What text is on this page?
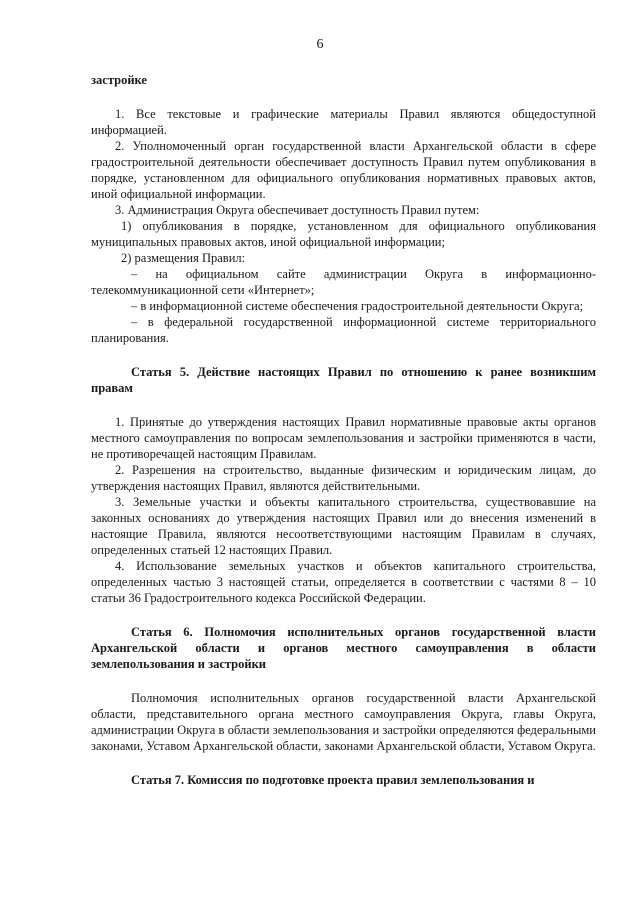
6

застройке

1. Все текстовые и графические материалы Правил являются общедоступной информацией.

2. Уполномоченный орган государственной власти Архангельской области в сфере градостроительной деятельности обеспечивает доступность Правил путем опубликования в порядке, установленном для официального опубликования нормативных правовых актов, иной официальной информации.

3. Администрация Округа обеспечивает доступность Правил путем:

1) опубликования в порядке, установленном для официального опубликования муниципальных правовых актов, иной официальной информации;

2) размещения Правил:

– на официальном сайте администрации Округа в информационно-телекоммуникационной сети «Интернет»;

– в информационной системе обеспечения градостроительной деятельности Округа;

– в федеральной государственной информационной системе территориального планирования.

Статья 5. Действие настоящих Правил по отношению к ранее возникшим правам

1. Принятые до утверждения настоящих Правил нормативные правовые акты органов местного самоуправления по вопросам землепользования и застройки применяются в части, не противоречащей настоящим Правилам.

2. Разрешения на строительство, выданные физическим и юридическим лицам, до утверждения настоящих Правил, являются действительными.

3. Земельные участки и объекты капитального строительства, существовавшие на законных основаниях до утверждения настоящих Правил или до внесения изменений в настоящие Правила, являются несоответствующими настоящим Правилам в случаях, определенных статьей 12 настоящих Правил.

4. Использование земельных участков и объектов капитального строительства, определенных частью 3 настоящей статьи, определяется в соответствии с частями 8 – 10 статьи 36 Градостроительного кодекса Российской Федерации.

Статья 6. Полномочия исполнительных органов государственной власти Архангельской области и органов местного самоуправления в области землепользования и застройки

Полномочия исполнительных органов государственной власти Архангельской области, представительного органа местного самоуправления Округа, главы Округа, администрации Округа в области землепользования и застройки определяются федеральными законами, Уставом Архангельской области, законами Архангельской области, Уставом Округа.

Статья 7. Комиссия по подготовке проекта правил землепользования и
